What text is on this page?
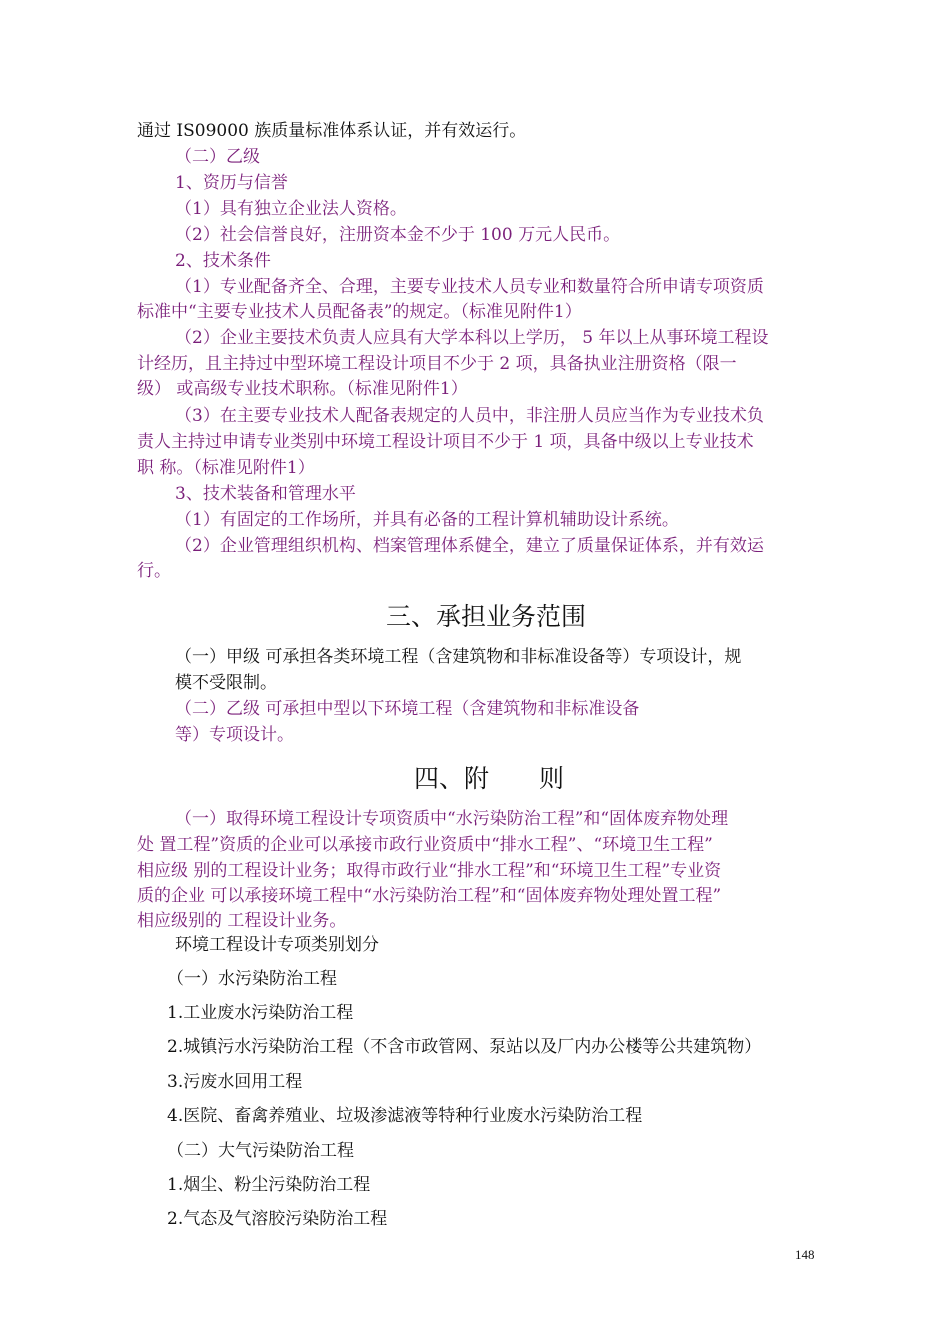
通过 IS09000 族质量标准体系认证，并有效运行。
（二）乙级
1、资历与信誉
（1）具有独立企业法人资格。
（2）社会信誉良好，注册资本金不少于 100 万元人民币。
2、技术条件
（1）专业配备齐全、合理，主要专业技术人员专业和数量符合所申请专项资质
标准中“主要专业技术人员配备表”的规定。（标准见附件1）
（2）企业主要技术负责人应具有大学本科以上学历， 5 年以上从事环境工程设
计经历，且主持过中型环境工程设计项目不少于 2 项，具备执业注册资格（限一
级） 或高级专业技术职称。（标准见附件1）
（3）在主要专业技术人配备表规定的人员中，非注册人员应当作为专业技术负
责人主持过申请专业类别中环境工程设计项目不少于 1 项，具备中级以上专业技术
职 称。（标准见附件1）
3、技术装备和管理水平
（1）有固定的工作场所，并具有必备的工程计算机辅助设计系统。
（2）企业管理组织机构、档案管理体系健全，建立了质量保证体系，并有效运
行。
三、承担业务范围
（一）甲级 可承担各类环境工程（含建筑物和非标准设备等）专项设计，规
模不受限制。
（二）乙级 可承担中型以下环境工程（含建筑物和非标准设备
等）专项设计。
四、附　　则
（一）取得环境工程设计专项资质中“水污染防治工程”和“固体废弃物处理
处 置工程”资质的企业可以承接市政行业资质中“排水工程”、“环境卫生工程”
相应级 别的工程设计业务；取得市政行业“排水工程”和“环境卫生工程”专业资
质的企业 可以承接环境工程中“水污染防治工程”和“固体废弃物处理处置工程”
相应级别的 工程设计业务。
环境工程设计专项类别划分
（一）水污染防治工程
1.工业废水污染防治工程
2.城镇污水污染防治工程（不含市政管网、泵站以及厂内办公楼等公共建筑物）
3.污废水回用工程
4.医院、畜禽养殖业、垃圾渗滤液等特种行业废水污染防治工程
（二）大气污染防治工程
1.烟尘、粉尘污染防治工程
2.气态及气溶胶污染防治工程
148
